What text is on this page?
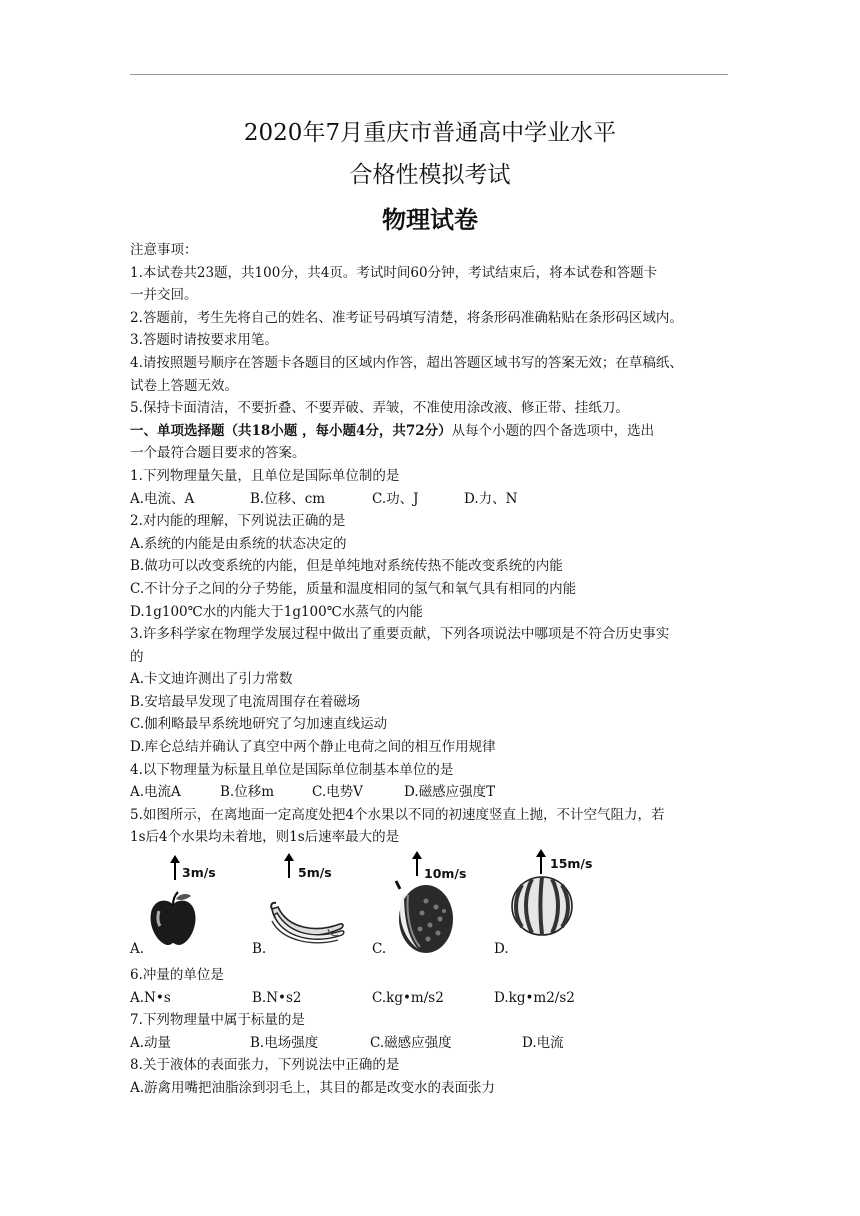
2020年7月重庆市普通高中学业水平
合格性模拟考试
物理试卷
注意事项：
1.本试卷共23题，共100分，共4页。考试时间60分钟，考试结束后，将本试卷和答题卡
一并交回。
2.答题前，考生先将自己的姓名、准考证号码填写清楚，将条形码准确粘贴在条形码区域内。
3.答题时请按要求用笔。
4.请按照题号顺序在答题卡各题目的区域内作答，超出答题区域书写的答案无效；在草稿纸、
试卷上答题无效。
5.保持卡面清洁，不要折叠、不要弄破、弄皱，不准使用涂改液、修正带、挂纸刀。
一、单项选择题（共18小题 ，每小题4分，共72分）从每个小题的四个备选项中，选出
一个最符合题目要求的答案。
1.下列物理量矢量，且单位是国际单位制的是
A.电流、A	B.位移、cm	C.功、J	D.力、N
2.对内能的理解，下列说法正确的是
A.系统的内能是由系统的状态决定的
B.做功可以改变系统的内能，但是单纯地对系统传热不能改变系统的内能
C.不计分子之间的分子势能，质量和温度相同的氢气和氧气具有相同的内能
D.1g100℃水的内能大于1g100℃水蒸气的内能
3.许多科学家在物理学发展过程中做出了重要贡献，下列各项说法中哪项是不符合历史事实
的
A.卡文迪许测出了引力常数
B.安培最早发现了电流周围存在着磁场
C.伽利略最早系统地研究了匀加速直线运动
D.库仑总结并确认了真空中两个静止电荷之间的相互作用规律
4.以下物理量为标量且单位是国际单位制基本单位的是
A.电流A	B.位移m	C.电势V	D.磁感应强度T
5.如图所示，在离地面一定高度处把4个水果以不同的初速度竖直上抛，不计空气阻力，若
1s后4个水果均未着地，则1s后速率最大的是
A.
3m/s
B.
5m/s
C.
10m/s
D.
15m/s
6.冲量的单位是
A.N•s	B.N•s2	C.kg•m/s2	D.kg•m2/s2
7.下列物理量中属于标量的是
A.动量	B.电场强度	C.磁感应强度	D.电流
8.关于液体的表面张力，下列说法中正确的是
A.游禽用嘴把油脂涂到羽毛上，其目的都是改变水的表面张力
